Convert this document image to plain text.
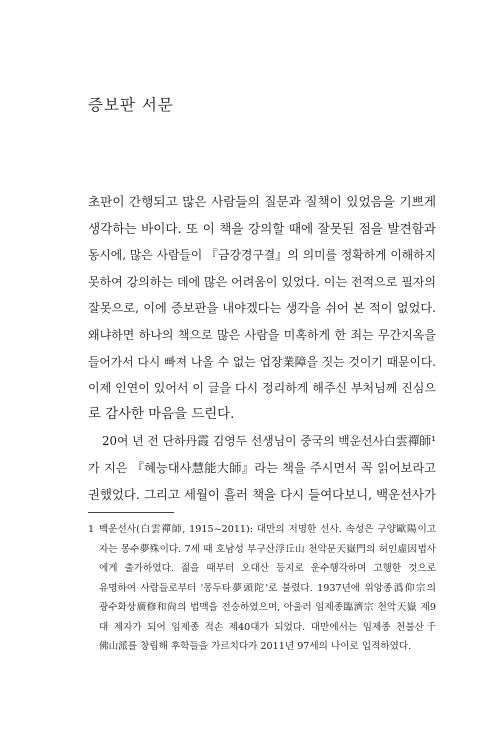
증보판 서문
초판이 간행되고 많은 사람들의 질문과 질책이 있었음을 기쁘게
생각하는 바이다. 또 이 책을 강의할 때에 잘못된 점을 발견함과
동시에, 많은 사람들이 『금강경구결』의 의미를 정확하게 이해하지
못하여 강의하는 데에 많은 어려움이 있었다. 이는 전적으로 필자의
잘못으로, 이에 증보판을 내야겠다는 생각을 쉬어 본 적이 없었다.
왜냐하면 하나의 책으로 많은 사람을 미혹하게 한 죄는 무간지옥을
들어가서 다시 빠져 나올 수 없는 업장業障을 짓는 것이기 때문이다.
이제 인연이 있어서 이 글을 다시 정리하게 해주신 부처님께 진심으
로 감사한 마음을 드린다.
20여 년 전 단하丹霞 김영두 선생님이 중국의 백운선사白雲禪師¹
가 지은 『혜능대사慧能大師』라는 책을 주시면서 꼭 읽어보라고
권했었다. 그리고 세월이 흘러 책을 다시 들여다보니, 백운선사가
1 백운선사(白雲禪師, 1915~2011): 대만의 저명한 선사. 속성은 구양歐陽이고
자는 몽수夢殊이다. 7세 때 호남성 부구산浮丘山 천악문天嶽門의 허인虛因법사
에게 출가하였다. 젊을 때부터 오대산 등지로 운수행각하며 고행한 것으로
유명하여 사람들로부터 '몽두타夢頭陀'로 불렸다. 1937년에 위앙종潙仰宗의
광수화상廣修和尙의 법맥을 전승하였으며, 아울러 임제종臨濟宗 천악天嶽 제9
대 제자가 되어 임제종 적손 제40대가 되었다. 대만에서는 임제종 천불산千
佛山派를 창립해 후학들을 가르치다가 2011년 97세의 나이로 입적하였다.
